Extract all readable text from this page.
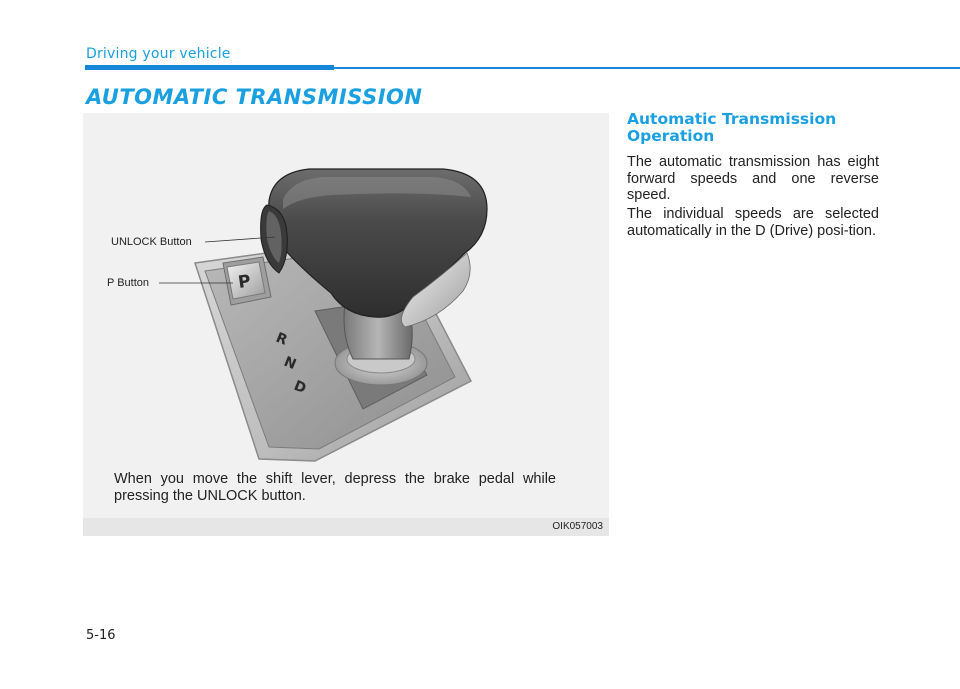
Driving your vehicle
AUTOMATIC TRANSMISSION
R
N
D
P
UNLOCK Button
P Button
When you move the shift lever, depress the brake pedal while pressing the UNLOCK button.
OIK057003
Automatic Transmission Operation

The automatic transmission has eight forward speeds and one reverse speed.

The individual speeds are selected automatically in the D (Drive) posi-tion.

5-16
